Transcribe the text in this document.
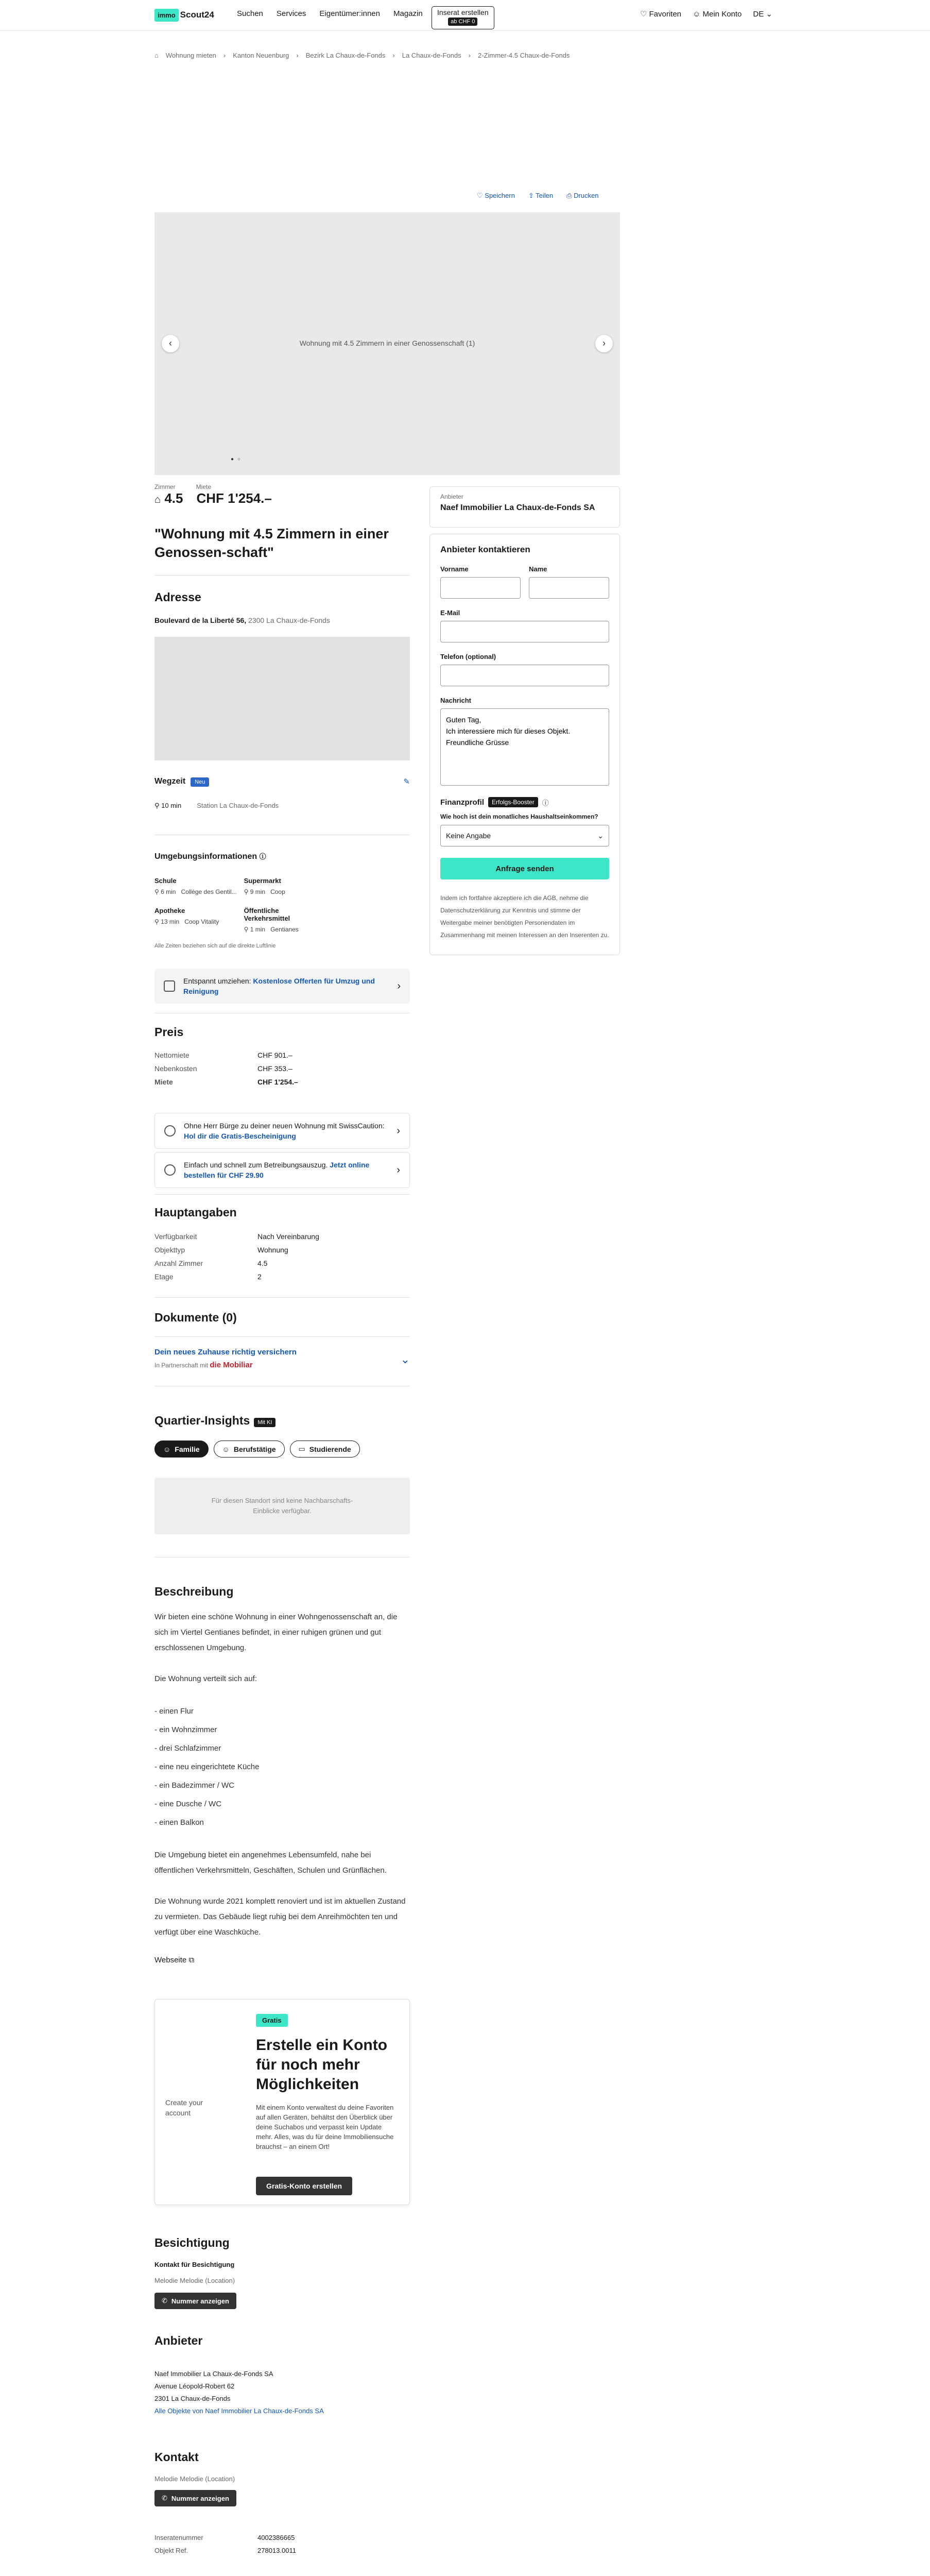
immo Scout24	Suchen Services Eigentümer:innen Magazin	Inserat erstellen
ab CHF 0
♡ Favoriten ☺ Mein Konto DE ⌄
⌂ Wohnung mieten › Kanton Neuenburg › Bezirk La Chaux-de-Fonds › La Chaux-de-Fonds › 2-Zimmer-4.5 Chaux-de-Fonds
♡ Speichern ⇪ Teilen ⎙ Drucken
Wohnung mit 4.5 Zimmern in einer Genossenschaft (1)
‹	›
● ○
Zimmer	Miete
⌂ 4.5 CHF 1'254.–
"Wohnung mit 4.5 Zimmern in einer Genossen-schaft"
Adresse
Boulevard de la Liberté 56, 2300 La Chaux-de-Fonds
Wegzeit Neu	✎
⚲ 10 min Station La Chaux-de-Fonds
Umgebungsinformationen ⓘ
Schule
⚲ 6 min Collège des Gentil...
Supermarkt
⚲ 9 min Coop
Apotheke
⚲ 13 min Coop Vitality
Öffentliche Verkehrsmittel
⚲ 1 min Gentianes
Alle Zeiten beziehen sich auf die direkte Luftlinie
Entspannt umziehen: Kostenlose Offerten für Umzug und Reinigung	›
Preis
Nettomiete	CHF 901.–
Nebenkosten	CHF 353.–
Miete	CHF 1'254.–
Ohne Herr Bürge zu deiner neuen Wohnung mit SwissCaution: Hol dir die Gratis-Bescheinigung	›
Einfach und schnell zum Betreibungsauszug. Jetzt online bestellen für CHF 29.90	›
Hauptangaben
Verfügbarkeit	Nach Vereinbarung
Objekttyp	Wohnung
Anzahl Zimmer	4.5
Etage	2
Dokumente (0)
Dein neues Zuhause richtig versichern
In Partnerschaft mit die Mobiliar	⌄
Quartier-Insights Mit KI
☺ Familie	☺ Berufstätige	▭ Studierende
Für diesen Standort sind keine Nachbarschafts-Einblicke verfügbar.
Beschreibung

Wir bieten eine schöne Wohnung in einer Wohngenossenschaft an, die sich im Viertel Gentianes befindet, in einer ruhigen grünen und gut erschlossenen Umgebung.

Die Wohnung verteilt sich auf:

- einen Flur
- ein Wohnzimmer
- drei Schlafzimmer
- eine neu eingerichtete Küche
- ein Badezimmer / WC
- eine Dusche / WC
- einen Balkon

Die Umgebung bietet ein angenehmes Lebensumfeld, nahe bei öffentlichen Verkehrsmitteln, Geschäften, Schulen und Grünflächen.

Die Wohnung wurde 2021 komplett renoviert und ist im aktuellen Zustand zu vermieten. Das Gebäude liegt ruhig bei dem Anreihmöchten ten und verfügt über eine Waschküche.

Webseite ⧉
Create your account
Gratis
Erstelle ein Konto für noch mehr Möglichkeiten
Mit einem Konto verwaltest du deine Favoriten auf allen Geräten, behältst den Überblick über deine Suchabos und verpasst kein Update mehr. Alles, was du für deine Immobiliensuche brauchst – an einem Ort!
Gratis-Konto erstellen
Besichtigung
Kontakt für Besichtigung
Melodie Melodie (Location)
✆ Nummer anzeigen
Anbieter
Naef Immobilier La Chaux-de-Fonds SA
Avenue Léopold-Robert 62
2301 La Chaux-de-Fonds
Alle Objekte von Naef Immobilier La Chaux-de-Fonds SA
Kontakt
Melodie Melodie (Location)
✆ Nummer anzeigen
Inseratenummer	4002386665
Objekt Ref.	278013.0011
Anbieter
Naef Immobilier La Chaux-de-Fonds SA
Anbieter kontaktieren
Vorname	Name
E-Mail
Telefon (optional)
Nachricht
Guten Tag, Ich interessiere mich für dieses Objekt. Freundliche Grüsse
Finanzprofil	Erfolgs-Booster	ⓘ
Wie hoch ist dein monatliches Haushaltseinkommen?
Keine Angabe	⌄
Anfrage senden
Indem ich fortfahre akzeptiere ich die AGB, nehme die Datenschutzerklärung zur Kenntnis und stimme der Weitergabe meiner benötigten Personendaten im Zusammenhang mit meinen Interessen an den Inserenten zu.
